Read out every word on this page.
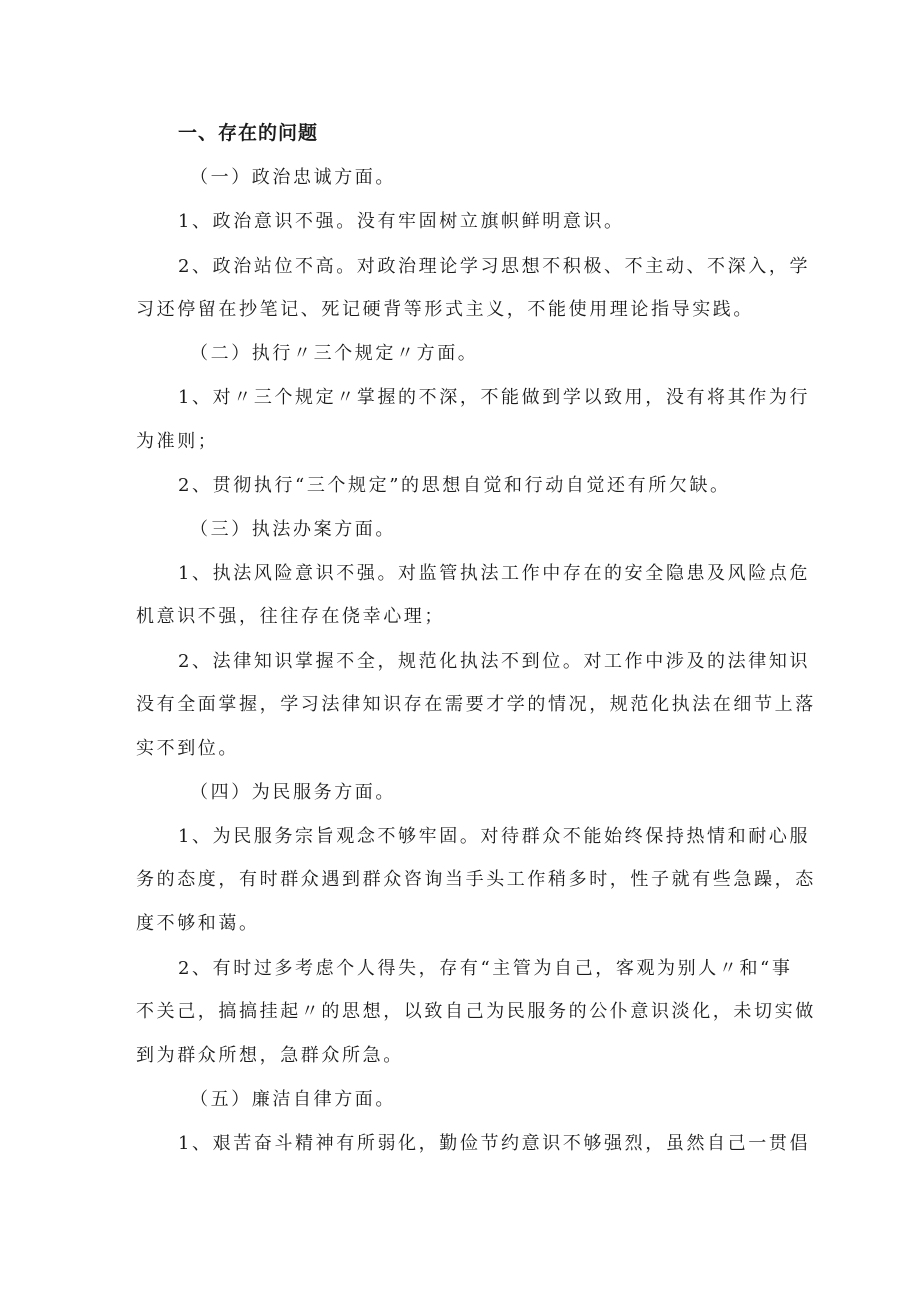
一、存在的问题
（一）政治忠诚方面。
1、政治意识不强。没有牢固树立旗帜鲜明意识。
2、政治站位不高。对政治理论学习思想不积极、不主动、不深入，学
习还停留在抄笔记、死记硬背等形式主义，不能使用理论指导实践。
（二）执行〃三个规定〃方面。
1、对〃三个规定〃掌握的不深，不能做到学以致用，没有将其作为行
为准则；
2、贯彻执行“三个规定”的思想自觉和行动自觉还有所欠缺。
（三）执法办案方面。
1、执法风险意识不强。对监管执法工作中存在的安全隐患及风险点危
机意识不强，往往存在侥幸心理；
2、法律知识掌握不全，规范化执法不到位。对工作中涉及的法律知识
没有全面掌握，学习法律知识存在需要才学的情况，规范化执法在细节上落
实不到位。
（四）为民服务方面。
1、为民服务宗旨观念不够牢固。对待群众不能始终保持热情和耐心服
务的态度，有时群众遇到群众咨询当手头工作稍多时，性子就有些急躁，态
度不够和蔼。
2、有时过多考虑个人得失，存有“主管为自己，客观为别人〃和“事
不关己，搞搞挂起〃的思想，以致自己为民服务的公仆意识淡化，未切实做
到为群众所想，急群众所急。
（五）廉洁自律方面。
1、艰苦奋斗精神有所弱化，勤俭节约意识不够强烈，虽然自己一贯倡
